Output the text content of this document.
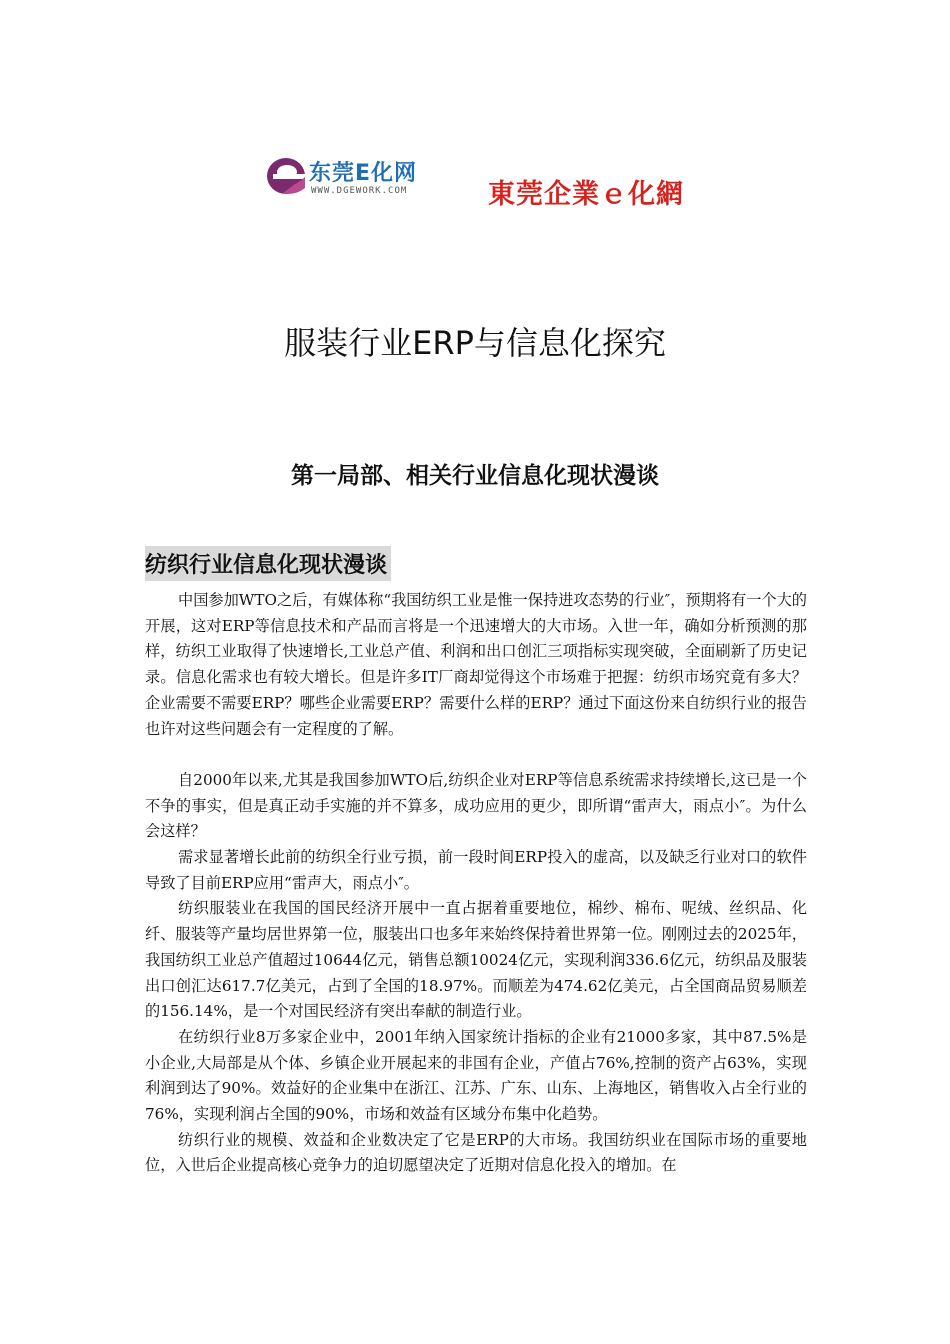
东莞E化网
WWW.DGEWORK.COM	東莞企業ｅ化網
服装行业ERP与信息化探究
第一局部、相关行业信息化现状漫谈
纺织行业信息化现状漫谈

中国参加WTO之后，有媒体称“我国纺织工业是惟一保持进攻态势的行业″，预期将有一个大的开展，这对ERP等信息技术和产品而言将是一个迅速增大的大市场。入世一年，确如分析预测的那样，纺织工业取得了快速增长,工业总产值、利润和出口创汇三项指标实现突破，全面刷新了历史记录。信息化需求也有较大增长。但是许多IT厂商却觉得这个市场难于把握：纺织市场究竟有多大？企业需要不需要ERP？哪些企业需要ERP？需要什么样的ERP？通过下面这份来自纺织行业的报告也许对这些问题会有一定程度的了解。

自2000年以来,尤其是我国参加WTO后,纺织企业对ERP等信息系统需求持续增长,这已是一个不争的事实，但是真正动手实施的并不算多，成功应用的更少，即所谓“雷声大，雨点小″。为什么会这样？

需求显著增长此前的纺织全行业亏损，前一段时间ERP投入的虚高，以及缺乏行业对口的软件导致了目前ERP应用“雷声大，雨点小″。

纺织服装业在我国的国民经济开展中一直占据着重要地位，棉纱、棉布、呢绒、丝织品、化纤、服装等产量均居世界第一位，服装出口也多年来始终保持着世界第一位。刚刚过去的2025年，我国纺织工业总产值超过10644亿元，销售总额10024亿元，实现利润336.6亿元，纺织品及服装出口创汇达617.7亿美元，占到了全国的18.97%。而顺差为474.62亿美元，占全国商品贸易顺差的156.14%，是一个对国民经济有突出奉献的制造行业。

在纺织行业8万多家企业中，2001年纳入国家统计指标的企业有21000多家，其中87.5%是小企业,大局部是从个体、乡镇企业开展起来的非国有企业，产值占76%,控制的资产占63%，实现利润到达了90%。效益好的企业集中在浙江、江苏、广东、山东、上海地区，销售收入占全行业的76%，实现利润占全国的90%，市场和效益有区域分布集中化趋势。

纺织行业的规模、效益和企业数决定了它是ERP的大市场。我国纺织业在国际市场的重要地位，入世后企业提高核心竞争力的迫切愿望决定了近期对信息化投入的增加。在
